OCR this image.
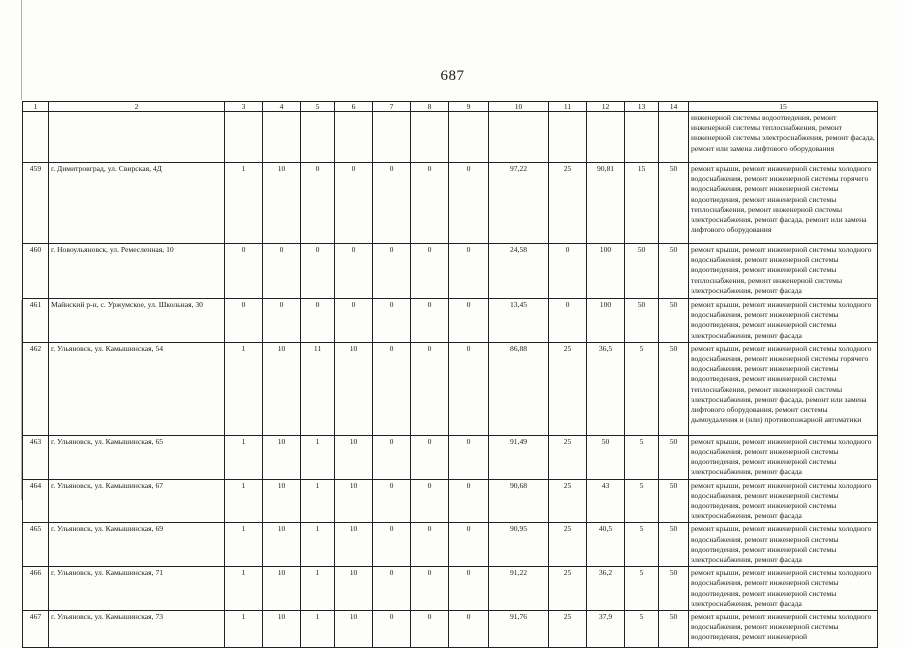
687
1	2	3	4	5	6	7	8	9	10	11	12	13	14	15
														инженерной системы водоотведения, ремонт инженерной системы теплоснабжения, ремонт инженерной системы электроснабжения, ремонт фасада, ремонт или замена лифтового оборудования
459	г. Димитровград, ул. Свирская, 4Д	1	10	0	0	0	0	0	97,22	25	90,81	15	50	ремонт крыши, ремонт инженерной системы холодного водоснабжения, ремонт инженерной системы горячего водоснабжения, ремонт инженерной системы водоотведения, ремонт инженерной системы теплоснабжения, ремонт инженерной системы электроснабжения, ремонт фасада, ремонт или замена лифтового оборудования
460	г. Новоульяновск, ул. Ремесленная, 10	0	0	0	0	0	0	0	24,58	0	100	50	50	ремонт крыши, ремонт инженерной системы холодного водоснабжения, ремонт инженерной системы водоотведения, ремонт инженерной системы теплоснабжения, ремонт инженерной системы электроснабжения, ремонт фасада
461	Майнский р-н, с. Уржумское, ул. Школьная, 30	0	0	0	0	0	0	0	13,45	0	100	50	50	ремонт крыши, ремонт инженерной системы холодного водоснабжения, ремонт инженерной системы водоотведения, ремонт инженерной системы электроснабжения, ремонт фасада
462	г. Ульяновск, ул. Камышинская, 54	1	10	11	10	0	0	0	86,88	25	36,5	5	50	ремонт крыши, ремонт инженерной системы холодного водоснабжения, ремонт инженерной системы горячего водоснабжения, ремонт инженерной системы водоотведения, ремонт инженерной системы теплоснабжения, ремонт инженерной системы электроснабжения, ремонт фасада, ремонт или замена лифтового оборудования, ремонт системы дымоудаления и (или) противопожарной автоматики
463	г. Ульяновск, ул. Камышинская, 65	1	10	1	10	0	0	0	91,49	25	50	5	50	ремонт крыши, ремонт инженерной системы холодного водоснабжения, ремонт инженерной системы водоотведения, ремонт инженерной системы электроснабжения, ремонт фасада
464	г. Ульяновск, ул. Камышинская, 67	1	10	1	10	0	0	0	90,68	25	43	5	50	ремонт крыши, ремонт инженерной системы холодного водоснабжения, ремонт инженерной системы водоотведения, ремонт инженерной системы электроснабжения, ремонт фасада
465	г. Ульяновск, ул. Камышинская, 69	1	10	1	10	0	0	0	90,95	25	40,5	5	50	ремонт крыши, ремонт инженерной системы холодного водоснабжения, ремонт инженерной системы водоотведения, ремонт инженерной системы электроснабжения, ремонт фасада
466	г. Ульяновск, ул. Камышинская, 71	1	10	1	10	0	0	0	91,22	25	36,2	5	50	ремонт крыши, ремонт инженерной системы холодного водоснабжения, ремонт инженерной системы водоотведения, ремонт инженерной системы электроснабжения, ремонт фасада
467	г. Ульяновск, ул. Камышинская, 73	1	10	1	10	0	0	0	91,76	25	37,9	5	50	ремонт крыши, ремонт инженерной системы холодного водоснабжения, ремонт инженерной системы водоотведения, ремонт инженерной
